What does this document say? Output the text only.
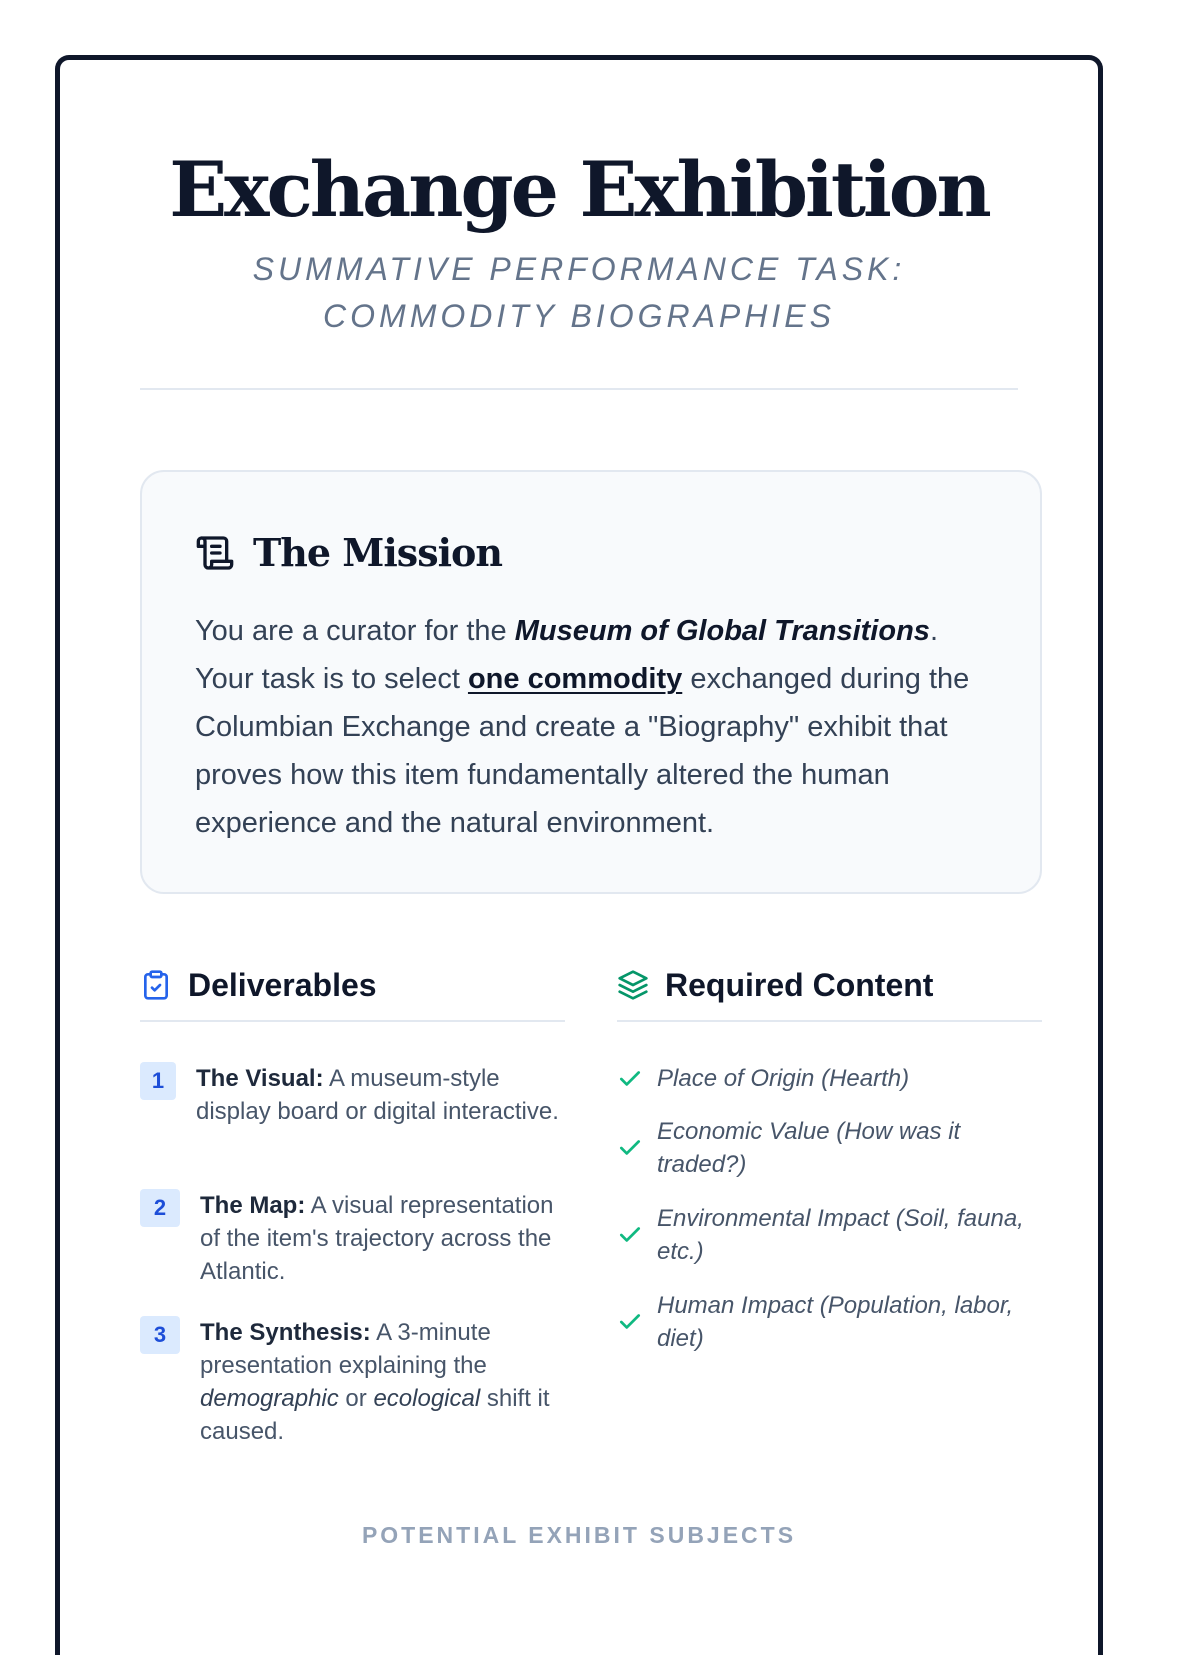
Exchange Exhibition
SUMMATIVE PERFORMANCE TASK: COMMODITY BIOGRAPHIES
The Mission
You are a curator for the Museum of Global Transitions. Your task is to select one commodity exchanged during the Columbian Exchange and create a "Biography" exhibit that proves how this item fundamentally altered the human experience and the natural environment.
Deliverables
1	The Visual: A museum-style display board or digital interactive.
2	The Map: A visual representation of the item's trajectory across the Atlantic.
3	The Synthesis: A 3-minute presentation explaining the demographic or ecological shift it caused.
Required Content
Place of Origin (Hearth)
Economic Value (How was it traded?)
Environmental Impact (Soil, fauna, etc.)
Human Impact (Population, labor, diet)
POTENTIAL EXHIBIT SUBJECTS
